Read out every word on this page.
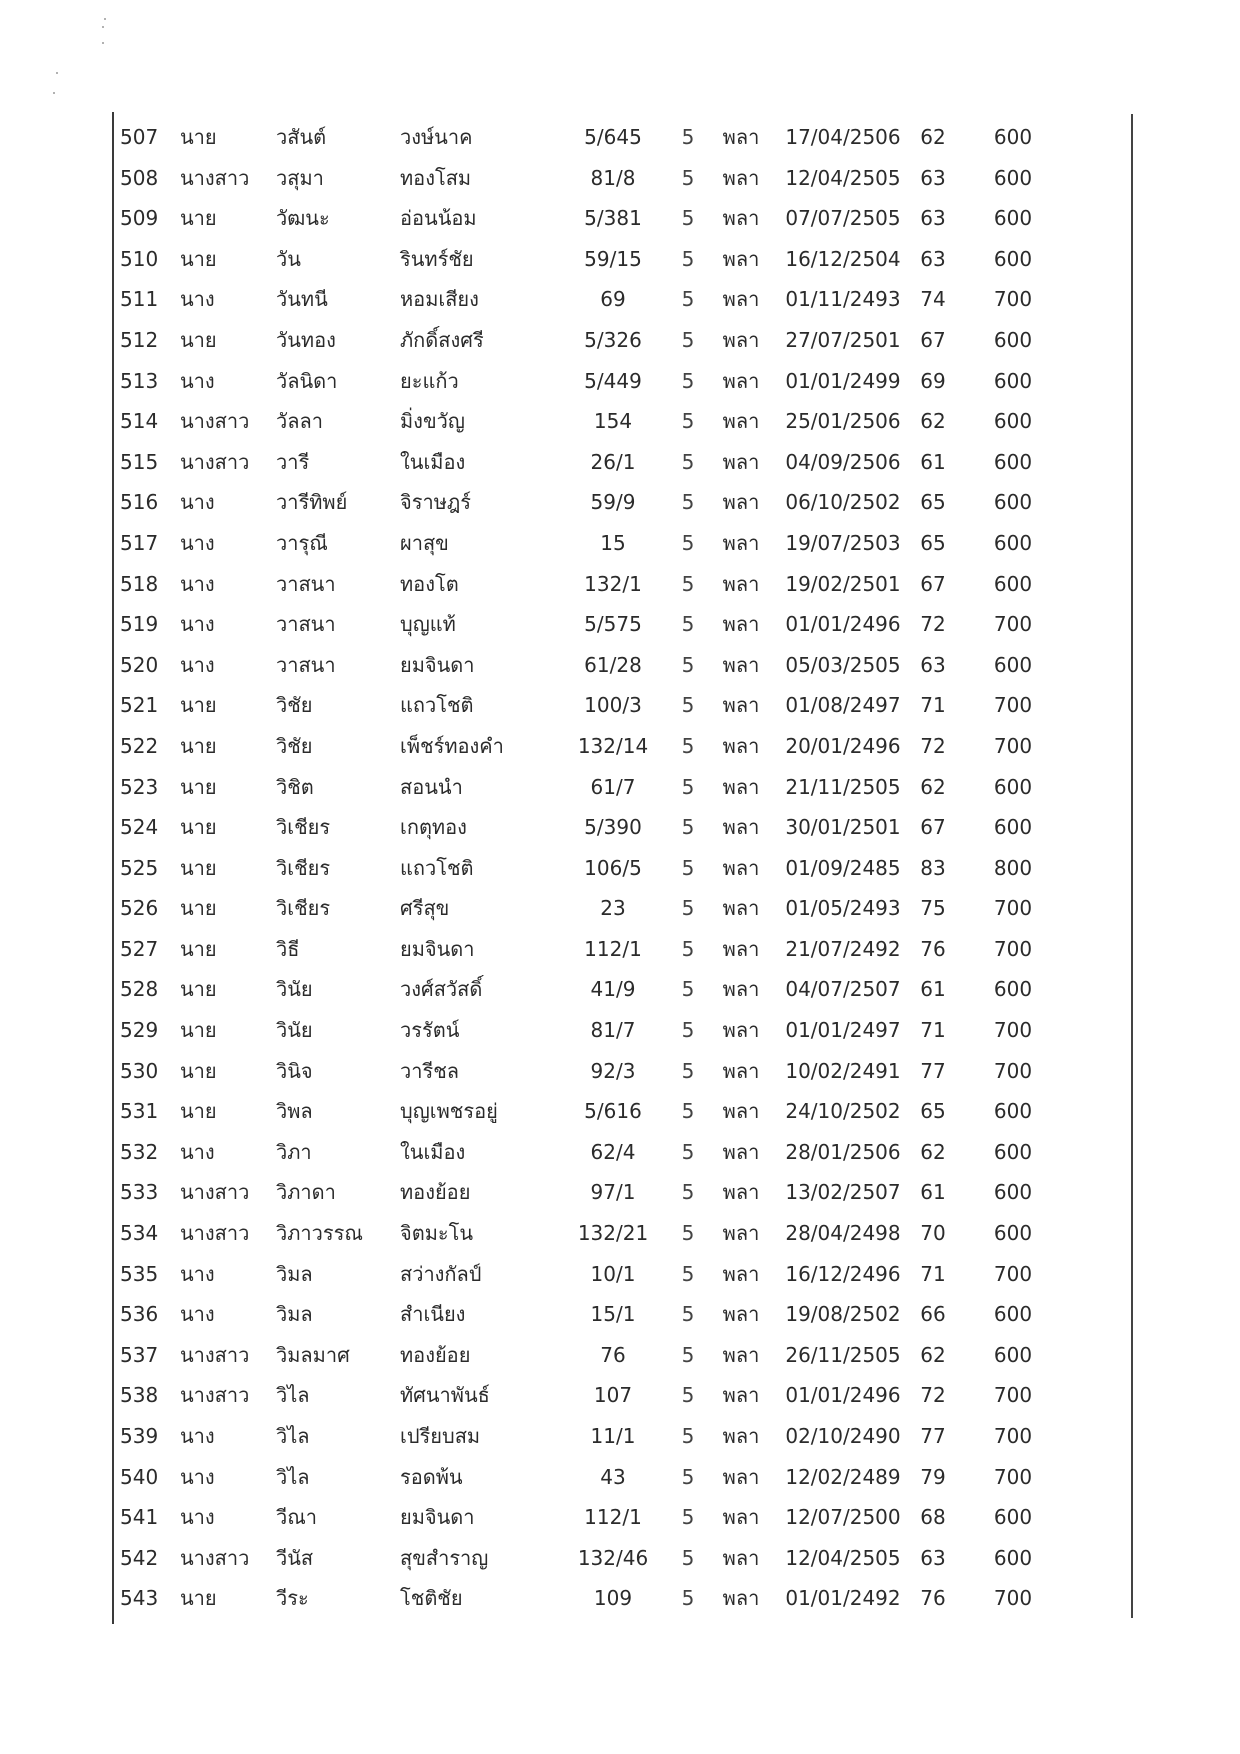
507	นาย	วสันต์	วงษ์นาค	5/645	5	พลา	17/04/2506 62	600
508	นางสาว	วสุมา	ทองโสม	81/8	5	พลา	12/04/2505 63	600
509	นาย	วัฒนะ	อ่อนน้อม	5/381	5	พลา	07/07/2505 63	600
510	นาย	วัน	รินทร์ชัย	59/15	5	พลา	16/12/2504 63	600
511	นาง	วันทนี	หอมเสียง	69	5	พลา	01/11/2493 74	700
512	นาย	วันทอง	ภักดิ์สงศรี	5/326	5	พลา	27/07/2501 67	600
513	นาง	วัลนิดา	ยะแก้ว	5/449	5	พลา	01/01/2499 69	600
514	นางสาว	วัลลา	มิ่งขวัญ	154	5	พลา	25/01/2506 62	600
515	นางสาว	วารี	ในเมือง	26/1	5	พลา	04/09/2506 61	600
516	นาง	วารีทิพย์	จิราษฎร์	59/9	5	พลา	06/10/2502 65	600
517	นาง	วารุณี	ผาสุข	15	5	พลา	19/07/2503 65	600
518	นาง	วาสนา	ทองโต	132/1	5	พลา	19/02/2501 67	600
519	นาง	วาสนา	บุญแท้	5/575	5	พลา	01/01/2496 72	700
520	นาง	วาสนา	ยมจินดา	61/28	5	พลา	05/03/2505 63	600
521	นาย	วิชัย	แถวโชติ	100/3	5	พลา	01/08/2497 71	700
522	นาย	วิชัย	เพ็ชร์ทองคำ	132/14	5	พลา	20/01/2496 72	700
523	นาย	วิชิต	สอนนำ	61/7	5	พลา	21/11/2505 62	600
524	นาย	วิเชียร	เกตุทอง	5/390	5	พลา	30/01/2501 67	600
525	นาย	วิเชียร	แถวโชติ	106/5	5	พลา	01/09/2485 83	800
526	นาย	วิเชียร	ศรีสุข	23	5	พลา	01/05/2493 75	700
527	นาย	วิธี	ยมจินดา	112/1	5	พลา	21/07/2492 76	700
528	นาย	วินัย	วงศ์สวัสดิ์	41/9	5	พลา	04/07/2507 61	600
529	นาย	วินัย	วรรัตน์	81/7	5	พลา	01/01/2497 71	700
530	นาย	วินิจ	วารีชล	92/3	5	พลา	10/02/2491 77	700
531	นาย	วิพล	บุญเพชรอยู่	5/616	5	พลา	24/10/2502 65	600
532	นาง	วิภา	ในเมือง	62/4	5	พลา	28/01/2506 62	600
533	นางสาว	วิภาดา	ทองย้อย	97/1	5	พลา	13/02/2507 61	600
534	นางสาว	วิภาวรรณ	จิตมะโน	132/21	5	พลา	28/04/2498 70	600
535	นาง	วิมล	สว่างกัลป์	10/1	5	พลา	16/12/2496 71	700
536	นาง	วิมล	สำเนียง	15/1	5	พลา	19/08/2502 66	600
537	นางสาว	วิมลมาศ	ทองย้อย	76	5	พลา	26/11/2505 62	600
538	นางสาว	วิไล	ทัศนาพันธ์	107	5	พลา	01/01/2496 72	700
539	นาง	วิไล	เปรียบสม	11/1	5	พลา	02/10/2490 77	700
540	นาง	วิไล	รอดพ้น	43	5	พลา	12/02/2489 79	700
541	นาง	วีณา	ยมจินดา	112/1	5	พลา	12/07/2500 68	600
542	นางสาว	วีนัส	สุขสำราญ	132/46	5	พลา	12/04/2505 63	600
543	นาย	วีระ	โชติชัย	109	5	พลา	01/01/2492 76	700
